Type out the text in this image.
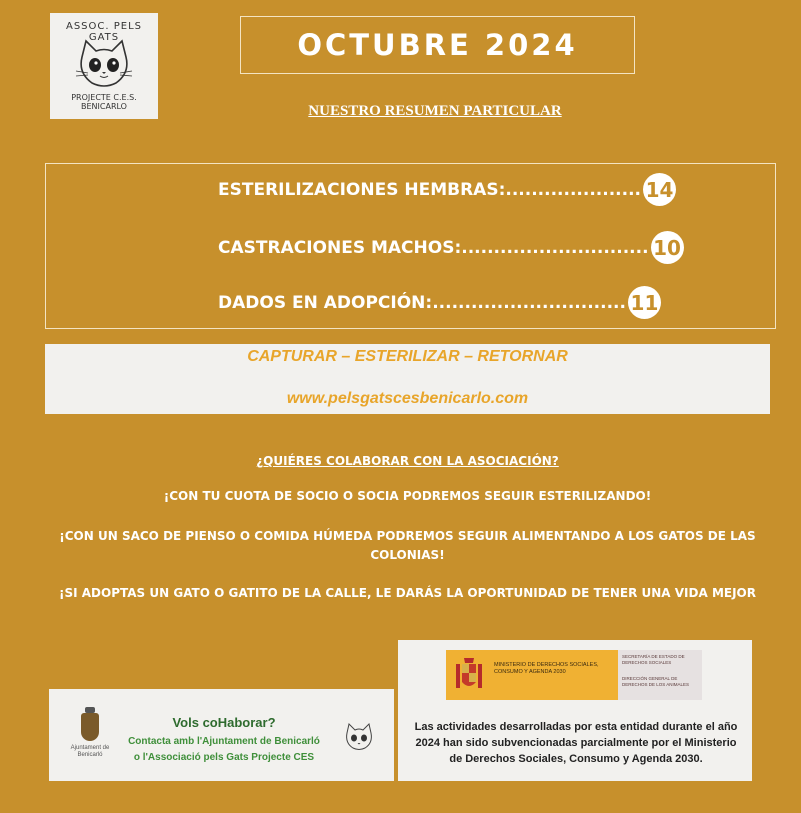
ASSOC. PELS GATS
PROJECTE C.E.S. BENICARLO
OCTUBRE 2024
NUESTRO RESUMEN PARTICULAR
ESTERILIZACIONES HEMBRAS:..................... 14
CASTRACIONES MACHOS:............................. 10
DADOS EN ADOPCIÓN:.............................. 11
CAPTURAR – ESTERILIZAR – RETORNAR
www.pelsgatscesbenicarlo.com
¿QUIÉRES COLABORAR CON LA ASOCIACIÓN?
¡CON TU CUOTA DE SOCIO O SOCIA PODREMOS SEGUIR ESTERILIZANDO!
¡CON UN SACO DE PIENSO O COMIDA HÚMEDA PODREMOS SEGUIR ALIMENTANDO A LOS GATOS DE LAS COLONIAS!
¡SI ADOPTAS UN GATO O GATITO DE LA CALLE, LE DARÁS LA OPORTUNIDAD DE TENER UNA VIDA MEJOR
Ajuntament de Benicarló
Vols coHaborar?
Contacta amb l'Ajuntament de Benicarló
o l'Associació pels Gats Projecte CES
MINISTERIO DE DERECHOS SOCIALES, CONSUMO Y AGENDA 2030
SECRETARÍA DE ESTADO DE DERECHOS SOCIALES
DIRECCIÓN GENERAL DE DERECHOS DE LOS ANIMALES
Las actividades desarrolladas por esta entidad durante el año 2024 han sido subvencionadas parcialmente por el Ministerio de Derechos Sociales, Consumo y Agenda 2030.
